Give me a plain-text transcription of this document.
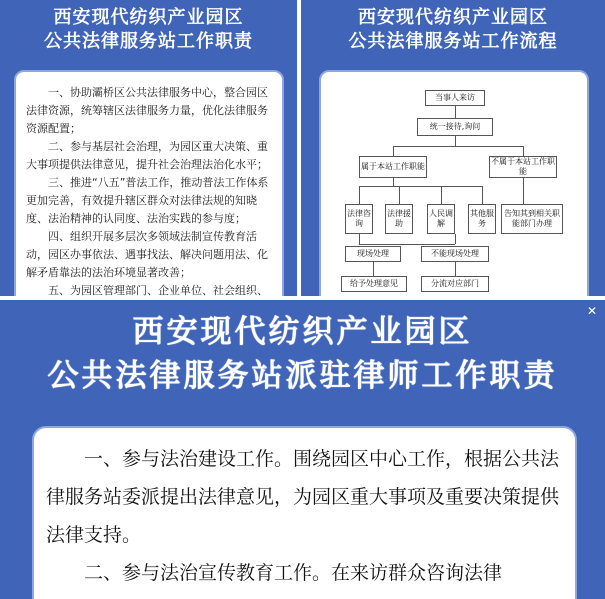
西安现代纺织产业园区
公共法律服务站工作职责

一、协助灞桥区公共法律服务中心，整合园区法律资源，统筹辖区法律服务力量，优化法律服务资源配置；

二、参与基层社会治理，为园区重大决策、重大事项提供法律意见，提升社会治理法治化水平；

三、推进“八五”普法工作，推动普法工作体系更加完善，有效提升辖区群众对法律法规的知晓度、法治精神的认同度、法治实践的参与度；

四、组织开展多层次多领域法制宣传教育活动，园区办事依法、遇事找法、解决问题用法、化解矛盾靠法的法治环境显著改善；

五、为园区管理部门、企业单位、社会组织、

西安现代纺织产业园区
公共法律服务站工作流程
当事人来访
统一接待,询问
属于本站工作职能
不属于本站工作职能
法律咨询
法律援助
人民调解
其他服务
告知其到相关职能部门办理
现场处理	不能现场处理
给予处理意见	分流对应部门
✕
西安现代纺织产业园区
公共法律服务站派驻律师工作职责

一、参与法治建设工作。围绕园区中心工作，根据公共法律服务站委派提出法律意见，为园区重大事项及重要决策提供法律支持。

二、参与法治宣传教育工作。在来访群众咨询法律
